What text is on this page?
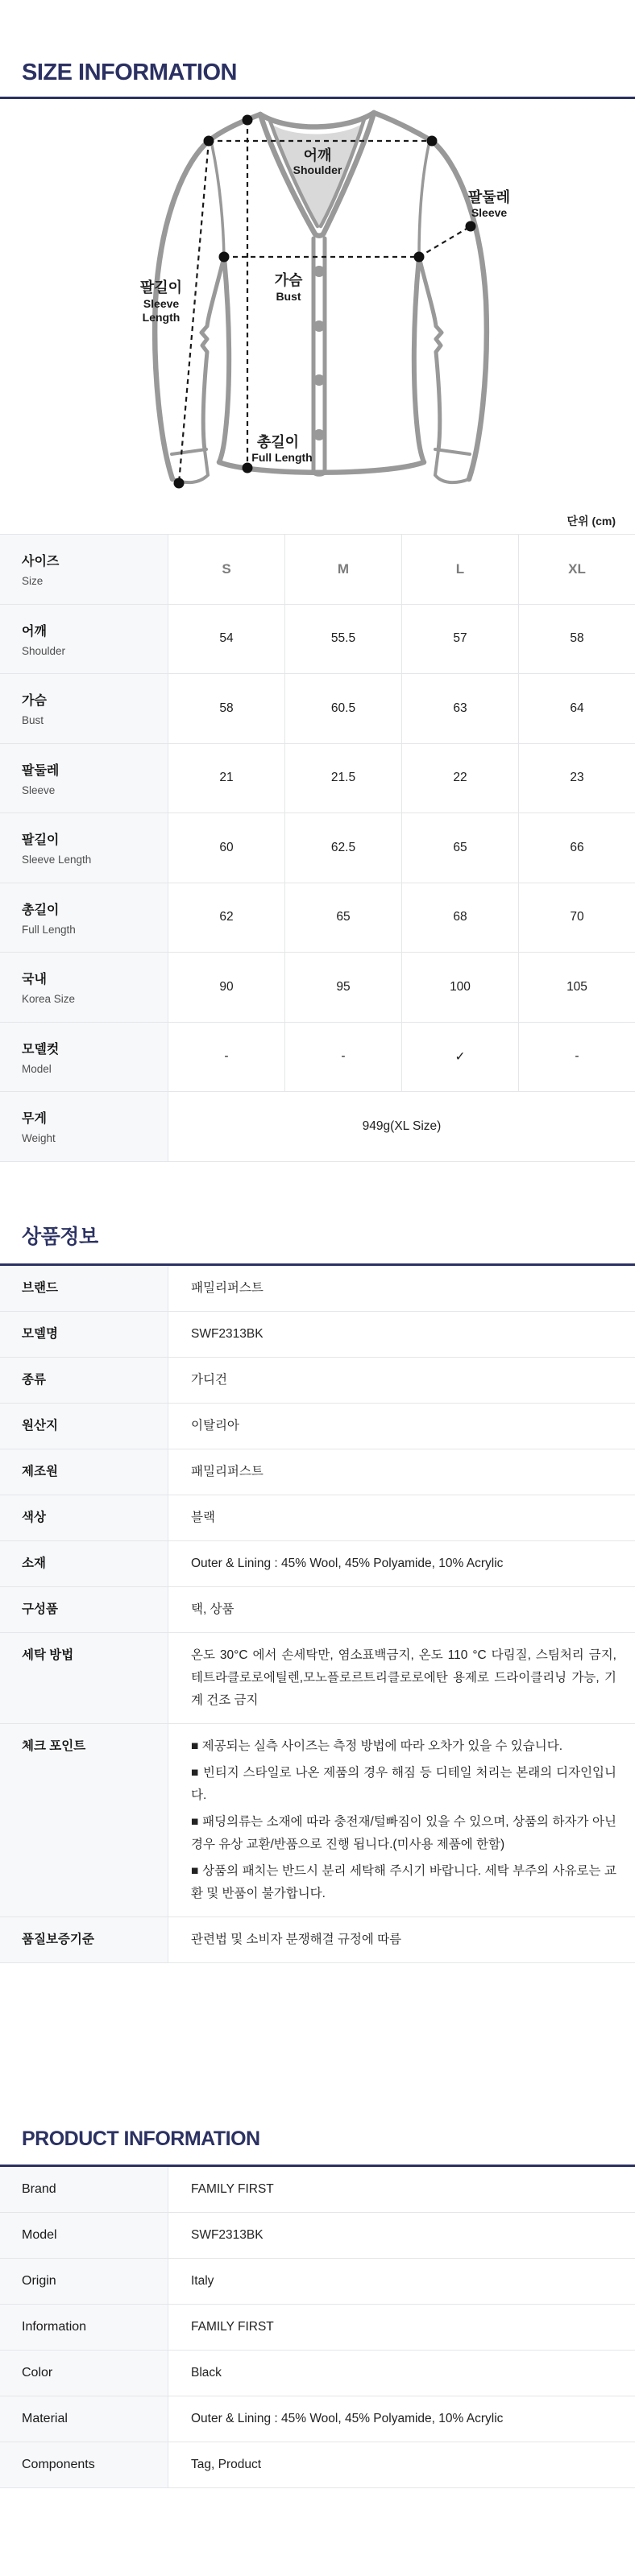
SIZE INFORMATION
어깨
Shoulder
팔둘레
Sleeve
가슴
Bust
팔길이
Sleeve
Length
총길이
Full Length
단위 (cm)
사이즈
Size
S	M	L	XL
어깨
Shoulder
54	55.5	57	58
가슴
Bust
58	60.5	63	64
팔둘레
Sleeve
21	21.5	22	23
팔길이
Sleeve Length
60	62.5	65	66
총길이
Full Length
62	65	68	70
국내
Korea Size
90	95	100	105
모델컷
Model
-	-	✓	-
무게
Weight
949g(XL Size)
상품정보
브랜드	패밀리퍼스트
모델명	SWF2313BK
종류	가디건
원산지	이탈리아
제조원	패밀리퍼스트
색상	블랙
소재	Outer & Lining : 45% Wool, 45% Polyamide, 10% Acrylic
구성품	택, 상품
세탁 방법	온도 30°C 에서 손세탁만, 염소표백금지, 온도 110 °C 다림질, 스팀처리 금지, 테트라클로로에틸렌,모노플로르트리클로로에탄 용제로 드라이클리닝 가능, 기계 건조 금지
체크 포인트	■ 제공되는 실측 사이즈는 측정 방법에 따라 오차가 있을 수 있습니다.
■ 빈티지 스타일로 나온 제품의 경우 해짐 등 디테일 처리는 본래의 디자인입니다.
■ 패딩의류는 소재에 따라 충전재/털빠짐이 있을 수 있으며, 상품의 하자가 아닌 경우 유상 교환/반품으로 진행 됩니다.(미사용 제품에 한함)
■ 상품의 패치는 반드시 분리 세탁해 주시기 바랍니다. 세탁 부주의 사유로는 교환 및 반품이 불가합니다.
품질보증기준	관련법 및 소비자 분쟁해결 규정에 따름
PRODUCT INFORMATION
Brand	FAMILY FIRST
Model	SWF2313BK
Origin	Italy
Information	FAMILY FIRST
Color	Black
Material	Outer & Lining : 45% Wool, 45% Polyamide, 10% Acrylic
Components	Tag, Product
